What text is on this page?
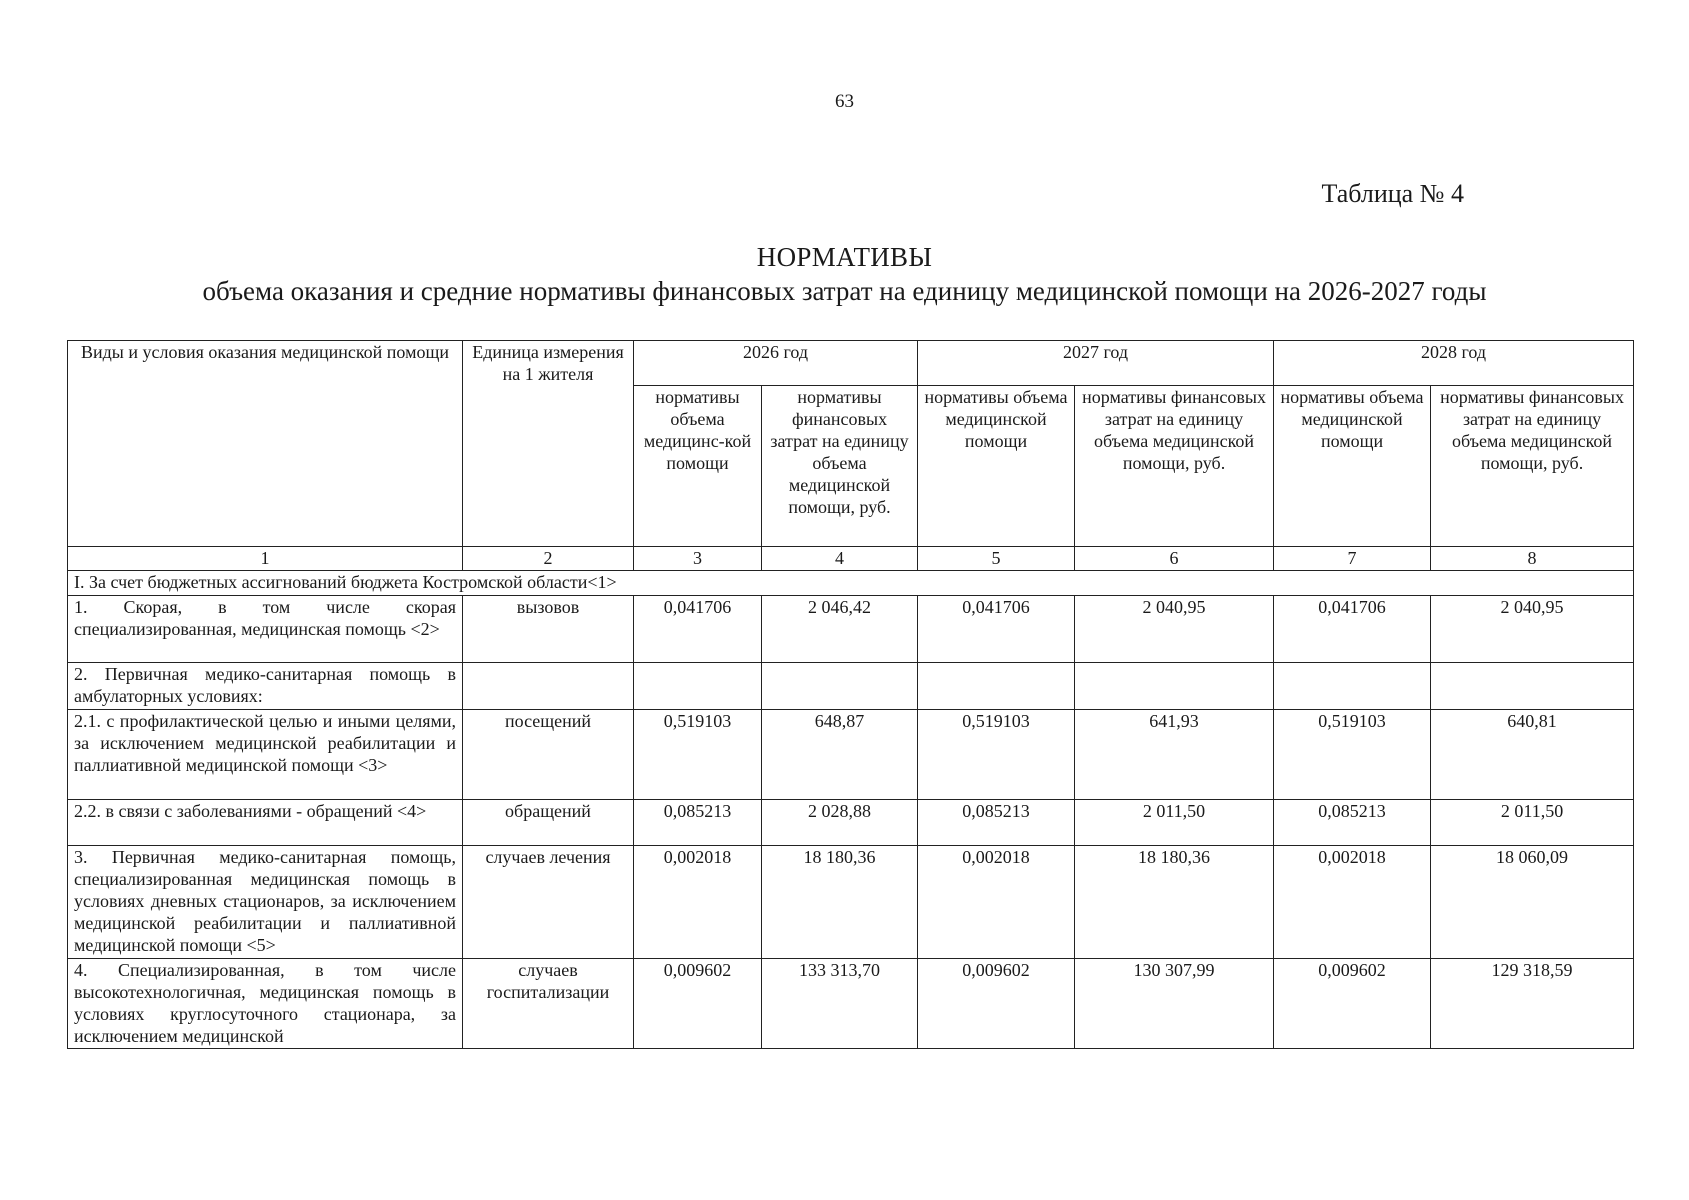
63
Таблица № 4
НОРМАТИВЫ
объема оказания и средние нормативы финансовых затрат на единицу медицинской помощи на 2026-2027 годы
Виды и условия оказания медицинской помощи	Единица измерения на 1 жителя	2026 год		2027 год		2028 год	
		нормативы объема медицинс-кой помощи	нормативы финансовых затрат на единицу объема медицинской помощи, руб.	нормативы объема медицинской помощи	нормативы финансовых затрат на единицу объема медицинской помощи, руб.	нормативы объема медицинской помощи	нормативы финансовых затрат на единицу объема медицинской помощи, руб.
1	2	3	4	5	6	7	8
I. За счет бюджетных ассигнований бюджета Костромской области<1>							
1. Скорая, в том числе скорая специализированная, медицинская помощь <2>	вызовов	0,041706	2 046,42	0,041706	2 040,95	0,041706	2 040,95
2. Первичная медико-санитарная помощь в амбулаторных условиях:							
2.1. с профилактической целью и иными целями, за исключением медицинской реабилитации и паллиативной медицинской помощи <3>	посещений	0,519103	648,87	0,519103	641,93	0,519103	640,81
2.2. в связи с заболеваниями - обращений <4>	обращений	0,085213	2 028,88	0,085213	2 011,50	0,085213	2 011,50
3. Первичная медико-санитарная помощь, специализированная медицинская помощь в условиях дневных стационаров, за исключением медицинской реабилитации и паллиативной медицинской помощи <5>	случаев лечения	0,002018	18 180,36	0,002018	18 180,36	0,002018	18 060,09
4. Специализированная, в том числе высокотехнологичная, медицинская помощь в условиях круглосуточного стационара, за исключением медицинской	случаев госпитализации	0,009602	133 313,70	0,009602	130 307,99	0,009602	129 318,59
